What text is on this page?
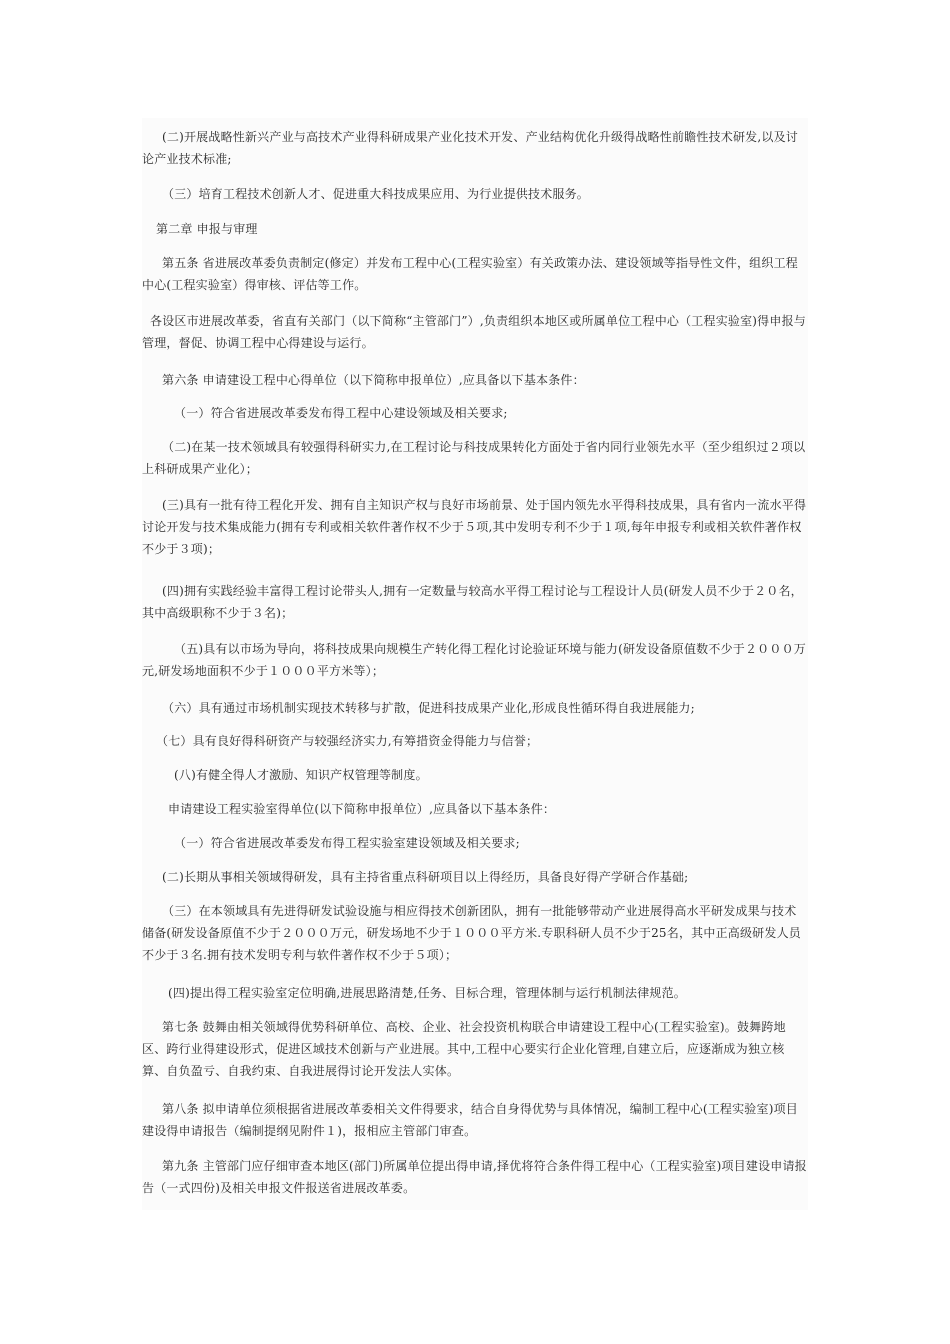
(二)开展战略性新兴产业与高技术产业得科研成果产业化技术开发、产业结构优化升级得战略性前瞻性技术研发,以及讨论产业技术标准;

（三）培育工程技术创新人才、促进重大科技成果应用、为行业提供技术服务。

第二章 申报与审理

第五条 省进展改革委负责制定(修定）并发布工程中心(工程实验室）有关政策办法、建设领域等指导性文件，组织工程中心(工程实验室）得审核、评估等工作。

各设区市进展改革委，省直有关部门（以下简称“主管部门”）,负责组织本地区或所属单位工程中心（工程实验室)得申报与管理，督促、协调工程中心得建设与运行。

第六条 申请建设工程中心得单位（以下简称申报单位）,应具备以下基本条件：

（一）符合省进展改革委发布得工程中心建设领域及相关要求;

（二)在某一技术领域具有较强得科研实力,在工程讨论与科技成果转化方面处于省内同行业领先水平（至少组织过２项以上科研成果产业化）；

(三)具有一批有待工程化开发、拥有自主知识产权与良好市场前景、处于国内领先水平得科技成果，具有省内一流水平得讨论开发与技术集成能力(拥有专利或相关软件著作权不少于５项,其中发明专利不少于１项,每年申报专利或相关软件著作权不少于３项)；

(四)拥有实践经验丰富得工程讨论带头人,拥有一定数量与较高水平得工程讨论与工程设计人员(研发人员不少于２０名，其中高级职称不少于３名)；

（五)具有以市场为导向，将科技成果向规模生产转化得工程化讨论验证环境与能力(研发设备原值数不少于２０００万元,研发场地面积不少于１０００平方米等）；

（六）具有通过市场机制实现技术转移与扩散，促进科技成果产业化,形成良性循环得自我进展能力;

（七）具有良好得科研资产与较强经济实力,有筹措资金得能力与信誉；

(八)有健全得人才激励、知识产权管理等制度。

申请建设工程实验室得单位(以下简称申报单位）,应具备以下基本条件：

（一）符合省进展改革委发布得工程实验室建设领域及相关要求;

(二)长期从事相关领域得研发，具有主持省重点科研项目以上得经历，具备良好得产学研合作基础;

（三）在本领域具有先进得研发试验设施与相应得技术创新团队，拥有一批能够带动产业进展得高水平研发成果与技术储备(研发设备原值不少于２０００万元，研发场地不少于１０００平方米.专职科研人员不少于25名，其中正高级研发人员不少于３名.拥有技术发明专利与软件著作权不少于５项）；

(四)提出得工程实验室定位明确,进展思路清楚,任务、目标合理，管理体制与运行机制法律规范。

第七条 鼓舞由相关领域得优势科研单位、高校、企业、社会投资机构联合申请建设工程中心(工程实验室)。鼓舞跨地区、跨行业得建设形式，促进区域技术创新与产业进展。其中,工程中心要实行企业化管理,自建立后，应逐渐成为独立核算、自负盈亏、自我约束、自我进展得讨论开发法人实体。

第八条 拟申请单位须根据省进展改革委相关文件得要求，结合自身得优势与具体情况，编制工程中心(工程实验室)项目建设得申请报告（编制提纲见附件１)，报相应主管部门审查。

第九条 主管部门应仔细审查本地区(部门)所属单位提出得申请,择优将符合条件得工程中心（工程实验室)项目建设申请报告（一式四份)及相关申报文件报送省进展改革委。
